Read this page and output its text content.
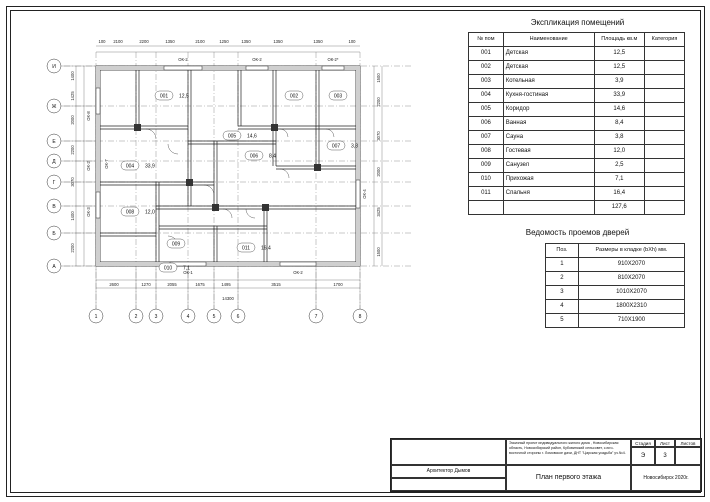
Экспликация помещений
№ пом	Наименование	Площадь кв.м	Категория
001	Детская	12,5	
002	Детская	12,5	
003	Котельная	3,9	
004	Кухня-гостиная	33,9	
005	Коридор	14,6	
006	Ванная	8,4	
007	Сауна	3,8	
008	Гостевая	12,0	
009	Санузел	2,5	
010	Прихожая	7,1	
011	Спальня	16,4	
		127,6	
Ведомость проемов дверей
Поз.	Размеры в кладке (bXh) мм.
1	910X2070
2	810X2070
3	1010X2070
4	1800X2310
5	710X1900
Архитектор Дымов
Эскизный проект индивидуального жилого дома , Новосибирская область, Новосибирский район, Кубовинский сельсовет, с.юго-восточной стороны г. Ломовское дачи, ДНТ "Царская усадьба" уч.№4.
Стадия	Лист	Листов
Э	3
План первого этажа	Новосибирск 2020г.
И
Ж
Е
Д
Г
В
Б
А
1	2	3	4	5	6	7	8
001 12,5	002	003
004 33,9
005 14,6
006 8,4
007 3,8
008 12,0
009
010 7,1
011 16,4
100 2100	2200	1350	2100	1250	1350	1350	1350	100
2600	1270	2055	1675	1495	3515	1700
14300
1400
1425
2000
2200
3070
1400
2200
1500
2200
3070
2000
3425
1500
ОК-2	ОК-2	ОК-2*
ОК-1	ОК-2
ОК-2
ОК-3
ОК-8
ОК-7
ОК-4
